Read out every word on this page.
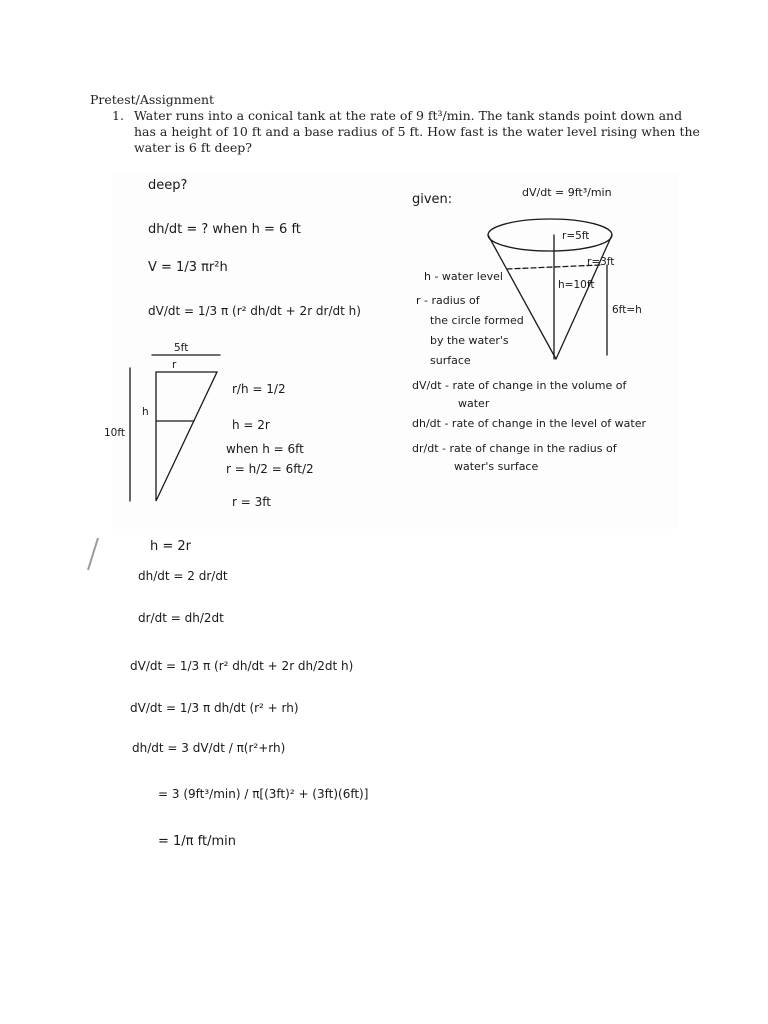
Pretest/Assignment
1. Water runs into a conical tank at the rate of 9 ft³/min. The tank stands point down and
has a height of 10 ft and a base radius of 5 ft. How fast is the water level rising when the
water is 6 ft deep?
deep?
dh/dt = ? when h = 6 ft
V = 1/3 πr²h
dV/dt = 1/3 π (r² dh/dt + 2r dr/dt h)
5ft
r
10ft
h
r/h = 1/2
h = 2r
when h = 6ft
r = h/2 = 6ft/2
r = 3ft
given:	dV/dt = 9ft³/min
r=5ft
r=3ft
h=10ft
6ft=h
h - water level
r - radius of
the circle formed
by the water's
surface
dV/dt - rate of change in the volume of
water
dh/dt - rate of change in the level of water
dr/dt - rate of change in the radius of
water's surface
h = 2r
dh/dt = 2 dr/dt
dr/dt = dh/2dt
dV/dt = 1/3 π (r² dh/dt + 2r dh/2dt h)
dV/dt = 1/3 π dh/dt (r² + rh)
dh/dt = 3 dV/dt / π(r²+rh)
= 3 (9ft³/min) / π[(3ft)² + (3ft)(6ft)]
= 1/π ft/min
